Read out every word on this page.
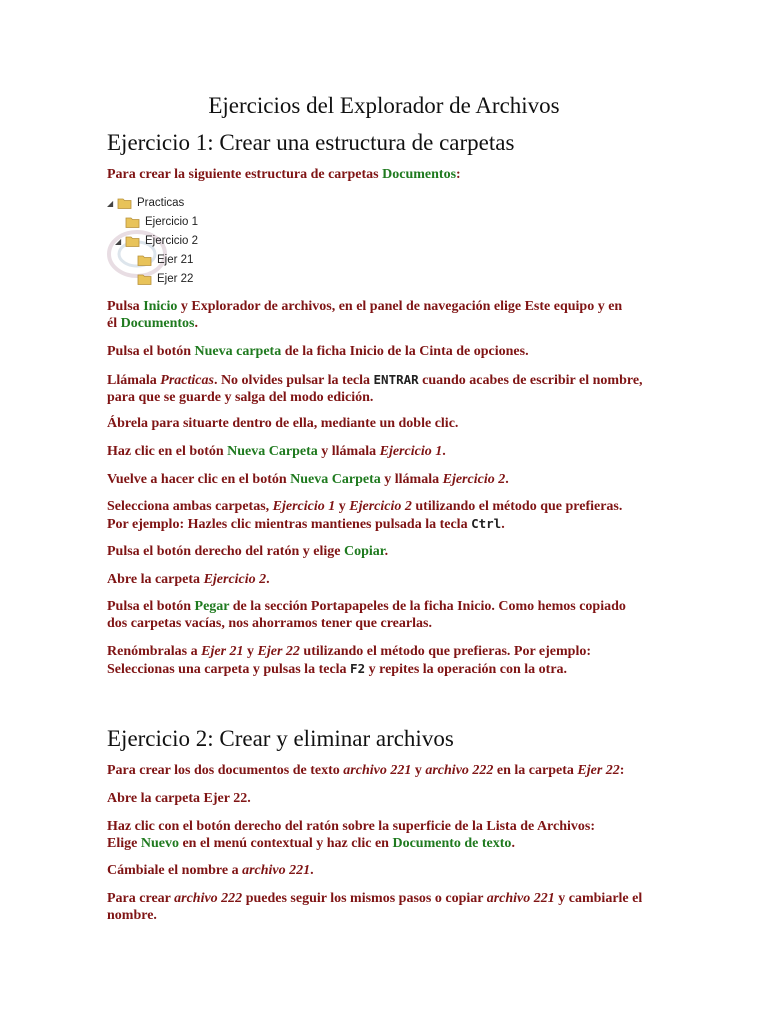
Ejercicios del Explorador de Archivos
Ejercicio 1: Crear una estructura de carpetas
Para crear la siguiente estructura de carpetas Documentos:
◢	Practicas
Ejercicio 1
◢	Ejercicio 2
Ejer 21
Ejer 22
Pulsa Inicio y Explorador de archivos, en el panel de navegación elige Este equipo y en
él Documentos.
Pulsa el botón Nueva carpeta de la ficha Inicio de la Cinta de opciones.
Llámala Practicas. No olvides pulsar la tecla ENTRAR cuando acabes de escribir el nombre,
para que se guarde y salga del modo edición.
Ábrela para situarte dentro de ella, mediante un doble clic.
Haz clic en el botón Nueva Carpeta y llámala Ejercicio 1.
Vuelve a hacer clic en el botón Nueva Carpeta y llámala Ejercicio 2.
Selecciona ambas carpetas, Ejercicio 1 y Ejercicio 2 utilizando el método que prefieras.
Por ejemplo: Hazles clic mientras mantienes pulsada la tecla Ctrl.
Pulsa el botón derecho del ratón y elige Copiar.
Abre la carpeta Ejercicio 2.
Pulsa el botón Pegar de la sección Portapapeles de la ficha Inicio. Como hemos copiado
dos carpetas vacías, nos ahorramos tener que crearlas.
Renómbralas a Ejer 21 y Ejer 22 utilizando el método que prefieras. Por ejemplo:
Seleccionas una carpeta y pulsas la tecla F2 y repites la operación con la otra.
Ejercicio 2: Crear y eliminar archivos
Para crear los dos documentos de texto archivo 221 y archivo 222 en la carpeta Ejer 22:
Abre la carpeta Ejer 22.
Haz clic con el botón derecho del ratón sobre la superficie de la Lista de Archivos:
Elige Nuevo en el menú contextual y haz clic en Documento de texto.
Cámbiale el nombre a archivo 221.
Para crear archivo 222 puedes seguir los mismos pasos o copiar archivo 221 y cambiarle el
nombre.
